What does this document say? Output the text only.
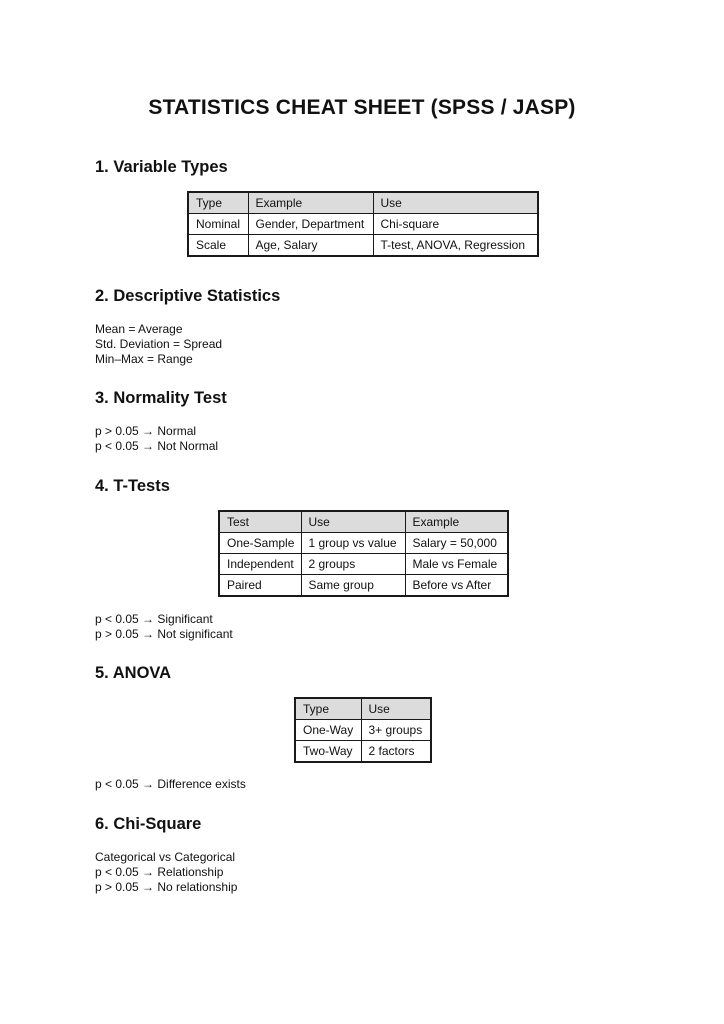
STATISTICS CHEAT SHEET (SPSS / JASP)
1. Variable Types
Type	Example	Use
Nominal	Gender, Department	Chi-square
Scale	Age, Salary	T-test, ANOVA, Regression
2. Descriptive Statistics
Mean = Average
Std. Deviation = Spread
Min–Max = Range
3. Normality Test
p > 0.05 → Normal
p < 0.05 → Not Normal
4. T-Tests
Test	Use	Example
One-Sample	1 group vs value	Salary = 50,000
Independent	2 groups	Male vs Female
Paired	Same group	Before vs After
p < 0.05 → Significant
p > 0.05 → Not significant
5. ANOVA
Type	Use
One-Way	3+ groups
Two-Way	2 factors
p < 0.05 → Difference exists
6. Chi-Square
Categorical vs Categorical
p < 0.05 → Relationship
p > 0.05 → No relationship
